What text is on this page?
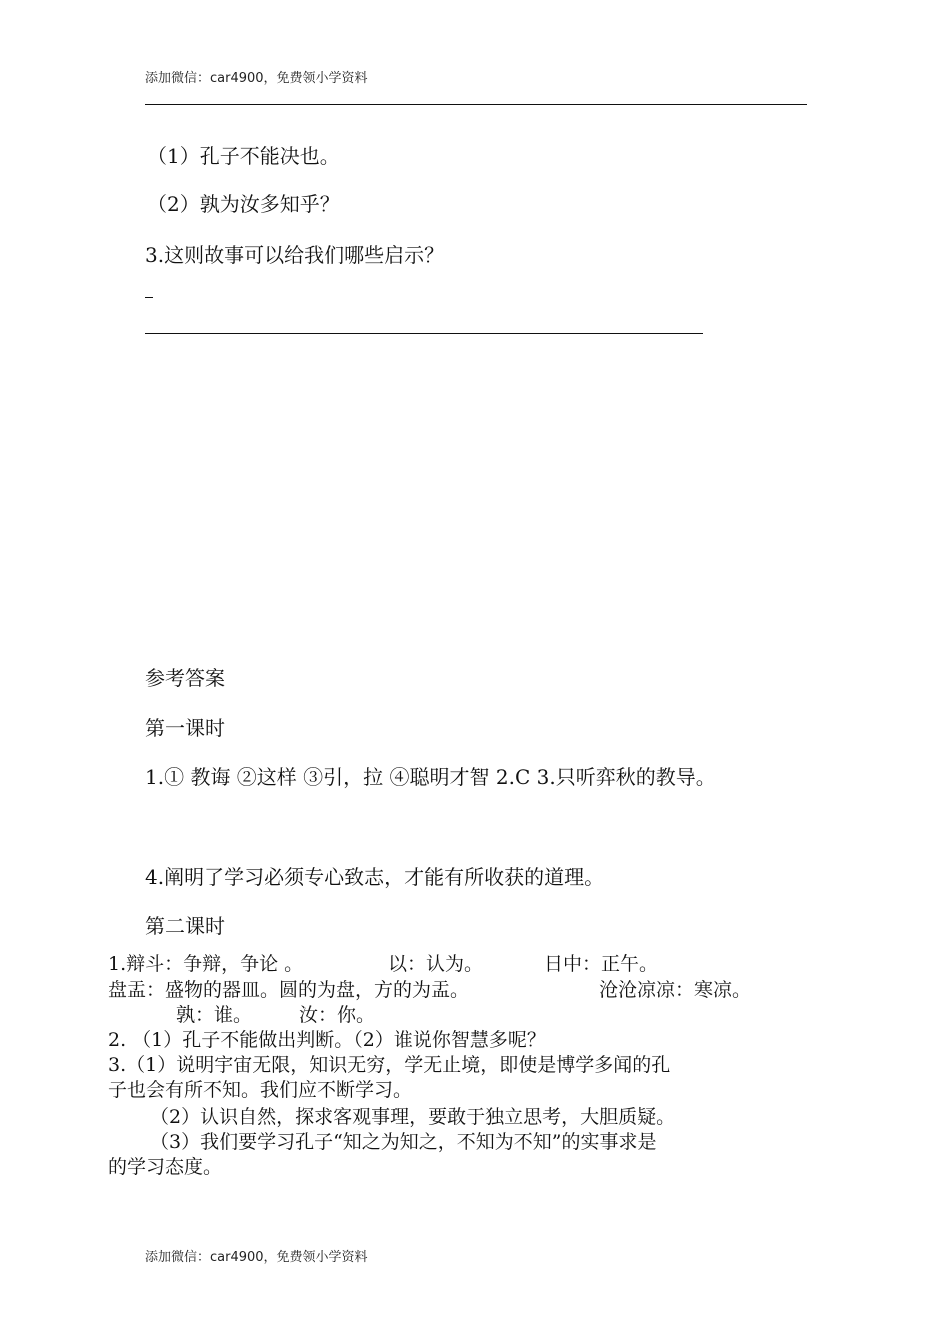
添加微信：car4900，免费领小学资料
（1）孔子不能决也。
（2）孰为汝多知乎？
3.这则故事可以给我们哪些启示？
参考答案
第一课时
1.① 教诲 ②这样 ③引，拉 ④聪明才智 2.C 3.只听弈秋的教导。
4.阐明了学习必须专心致志，才能有所收获的道理。
第二课时
1.辩斗：争辩，争论 。	以：认为。	日中：正午。
盘盂：盛物的器皿。圆的为盘，方的为盂。	沧沧凉凉：寒凉。
孰：谁。 汝：你。
2. （1）孔子不能做出判断。（2）谁说你智慧多呢？
3.（1）说明宇宙无限，知识无穷，学无止境，即使是博学多闻的孔
子也会有所不知。我们应不断学习。
（2）认识自然，探求客观事理，要敢于独立思考，大胆质疑。
（3）我们要学习孔子“知之为知之，不知为不知”的实事求是
的学习态度。
添加微信：car4900，免费领小学资料
